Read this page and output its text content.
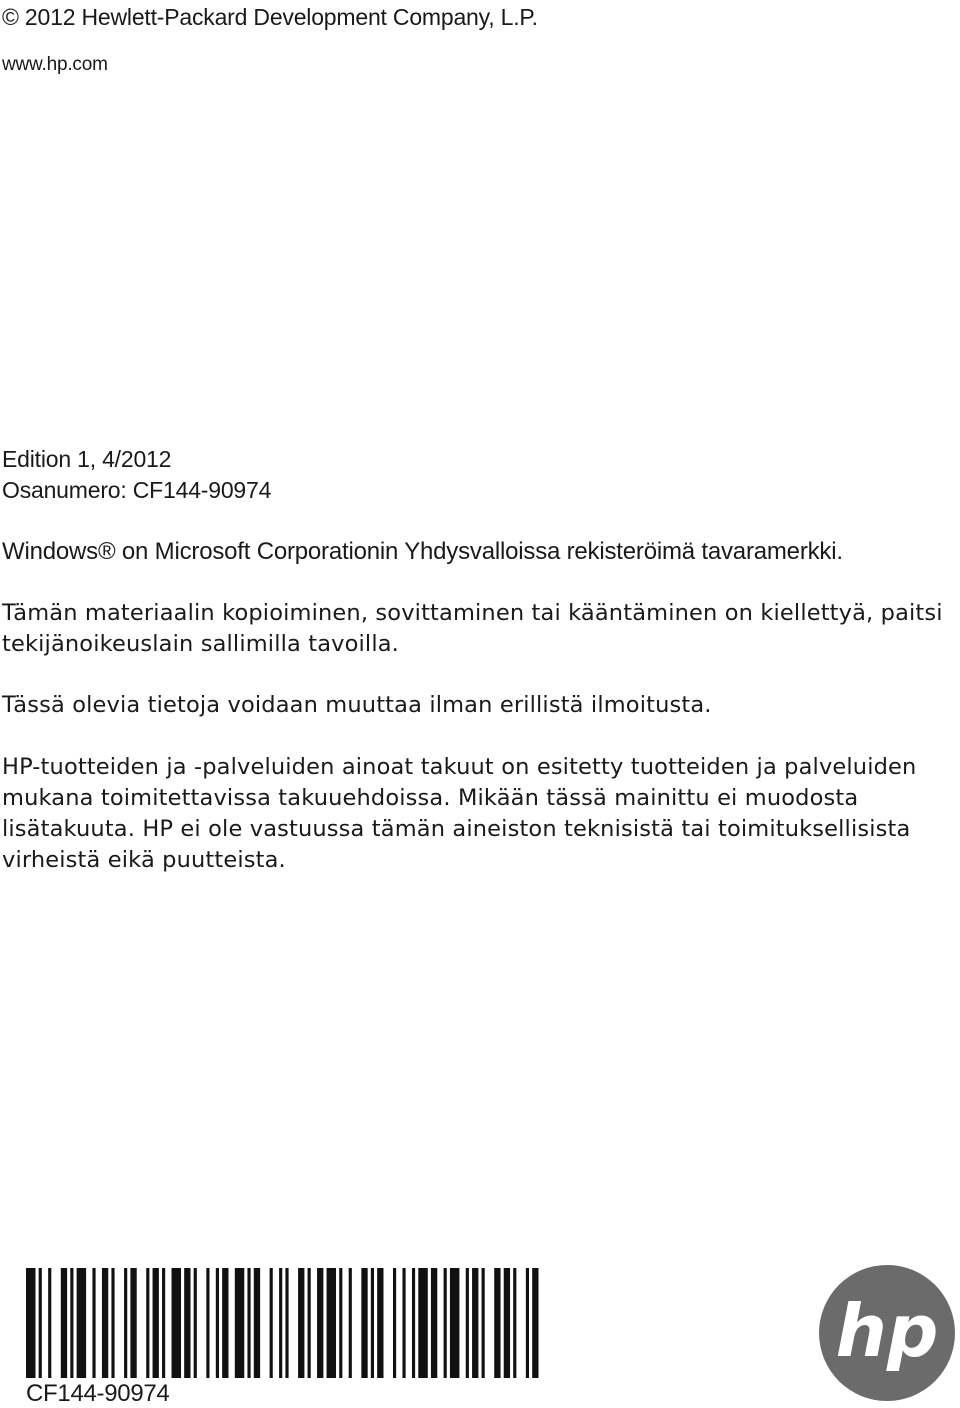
© 2012 Hewlett-Packard Development Company, L.P.
www.hp.com
Edition 1, 4/2012
Osanumero: CF144-90974
Windows® on Microsoft Corporationin Yhdysvalloissa rekisteröimä tavaramerkki.
Tämän materiaalin kopioiminen, sovittaminen tai kääntäminen on kiellettyä, paitsi
tekijänoikeuslain sallimilla tavoilla.
Tässä olevia tietoja voidaan muuttaa ilman erillistä ilmoitusta.
HP-tuotteiden ja -palveluiden ainoat takuut on esitetty tuotteiden ja palveluiden
mukana toimitettavissa takuuehdoissa. Mikään tässä mainittu ei muodosta
lisätakuuta. HP ei ole vastuussa tämän aineiston teknisistä tai toimituksellisista
virheistä eikä puutteista.
CF144-90974
hp
